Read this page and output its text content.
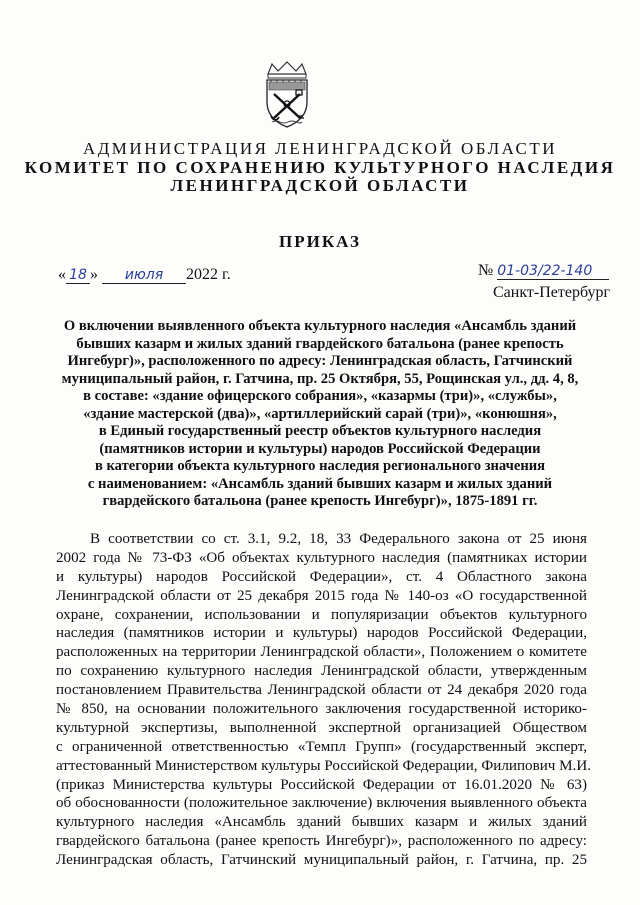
АДМИНИСТРАЦИЯ ЛЕНИНГРАДСКОЙ ОБЛАСТИ
КОМИТЕТ ПО СОХРАНЕНИЮ КУЛЬТУРНОГО НАСЛЕДИЯ
ЛЕНИНГРАДСКОЙ ОБЛАСТИ
ПРИКАЗ
« 18 » июля 2022 г.	№ 01-03/22-140
Санкт-Петербург
О включении выявленного объекта культурного наследия «Ансамбль зданий
бывших казарм и жилых зданий гвардейского батальона (ранее крепость
Ингебург)», расположенного по адресу: Ленинградская область, Гатчинский
муниципальный район, г. Гатчина, пр. 25 Октября, 55, Рощинская ул., дд. 4, 8,
в составе: «здание офицерского собрания», «казармы (три)», «службы»,
«здание мастерской (два)», «артиллерийский сарай (три)», «конюшня»,
в Единый государственный реестр объектов культурного наследия
(памятников истории и культуры) народов Российской Федерации
в категории объекта культурного наследия регионального значения
с наименованием: «Ансамбль зданий бывших казарм и жилых зданий
гвардейского батальона (ранее крепость Ингебург)», 1875-1891 гг.
В соответствии со ст. 3.1, 9.2, 18, 33 Федерального закона от 25 июня
2002 года № 73-ФЗ «Об объектах культурного наследия (памятниках истории
и культуры) народов Российской Федерации», ст. 4 Областного закона
Ленинградской области от 25 декабря 2015 года № 140-оз «О государственной
охране, сохранении, использовании и популяризации объектов культурного
наследия (памятников истории и культуры) народов Российской Федерации,
расположенных на территории Ленинградской области», Положением о комитете
по сохранению культурного наследия Ленинградской области, утвержденным
постановлением Правительства Ленинградской области от 24 декабря 2020 года
№ 850, на основании положительного заключения государственной историко-
культурной экспертизы, выполненной экспертной организацией Обществом
с ограниченной ответственностью «Темпл Групп» (государственный эксперт,
аттестованный Министерством культуры Российской Федерации, Филипович М.И.
(приказ Министерства культуры Российской Федерации от 16.01.2020 № 63)
об обоснованности (положительное заключение) включения выявленного объекта
культурного наследия «Ансамбль зданий бывших казарм и жилых зданий
гвардейского батальона (ранее крепость Ингебург)», расположенного по адресу:
Ленинградская область, Гатчинский муниципальный район, г. Гатчина, пр. 25
